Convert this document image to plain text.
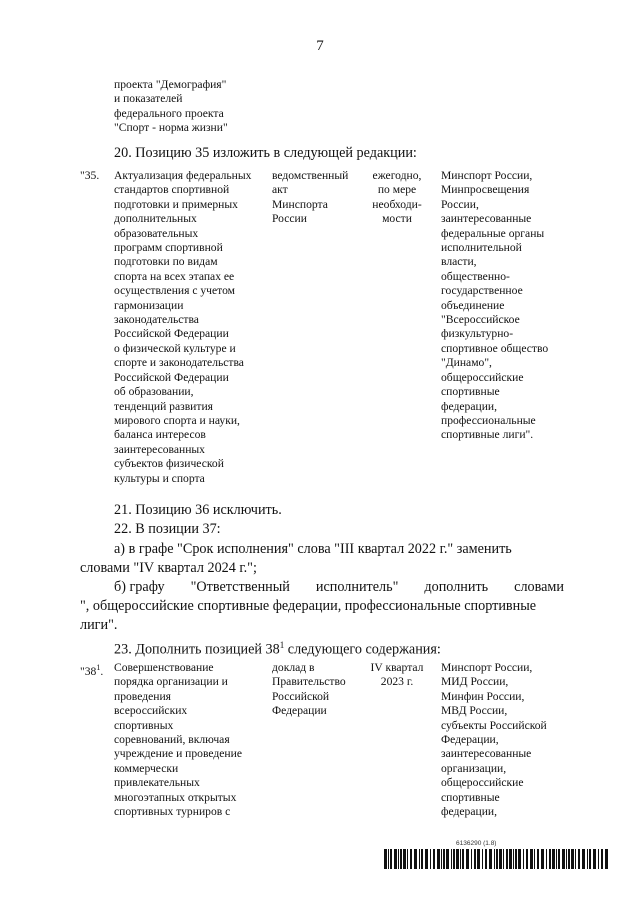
7
проекта "Демография"
и показателей
федерального проекта
"Спорт - норма жизни"
20. Позицию 35 изложить в следующей редакции:
"35. Актуализация федеральных
стандартов спортивной
подготовки и примерных
дополнительных
образовательных
программ спортивной
подготовки по видам
спорта на всех этапах ее
осуществления с учетом
гармонизации
законодательства
Российской Федерации
о физической культуре и
спорте и законодательства
Российской Федерации
об образовании,
тенденций развития
мирового спорта и науки,
баланса интересов
заинтересованных
субъектов физической
культуры и спорта
ведомственный
акт
Минспорта
России
ежегодно,
по мере
необходи-
мости
Минспорт России,
Минпросвещения
России,
заинтересованные
федеральные органы
исполнительной
власти,
общественно-
государственное
объединение
"Всероссийское
физкультурно-
спортивное общество
"Динамо",
общероссийские
спортивные
федерации,
профессиональные
спортивные лиги".
21. Позицию 36 исключить.
22. В позиции 37:
а) в графе "Срок исполнения" слова "III квартал 2022 г." заменить
словами "IV квартал 2024 г.";
б) графу "Ответственный исполнитель" дополнить словами
", общероссийские спортивные федерации, профессиональные спортивные
лиги".
23. Дополнить позицией $38^1$ следующего содержания:
"$38^1$. Совершенствование
порядка организации и
проведения
всероссийских
спортивных
соревнований, включая
учреждение и проведение
коммерчески
привлекательных
многоэтапных открытых
спортивных турниров с
доклад в
Правительство
Российской
Федерации
IV квартал
2023 г.
Минспорт России,
МИД России,
Минфин России,
МВД России,
субъекты Российской
Федерации,
заинтересованные
организации,
общероссийские
спортивные
федерации,
6136290 (1.8)
